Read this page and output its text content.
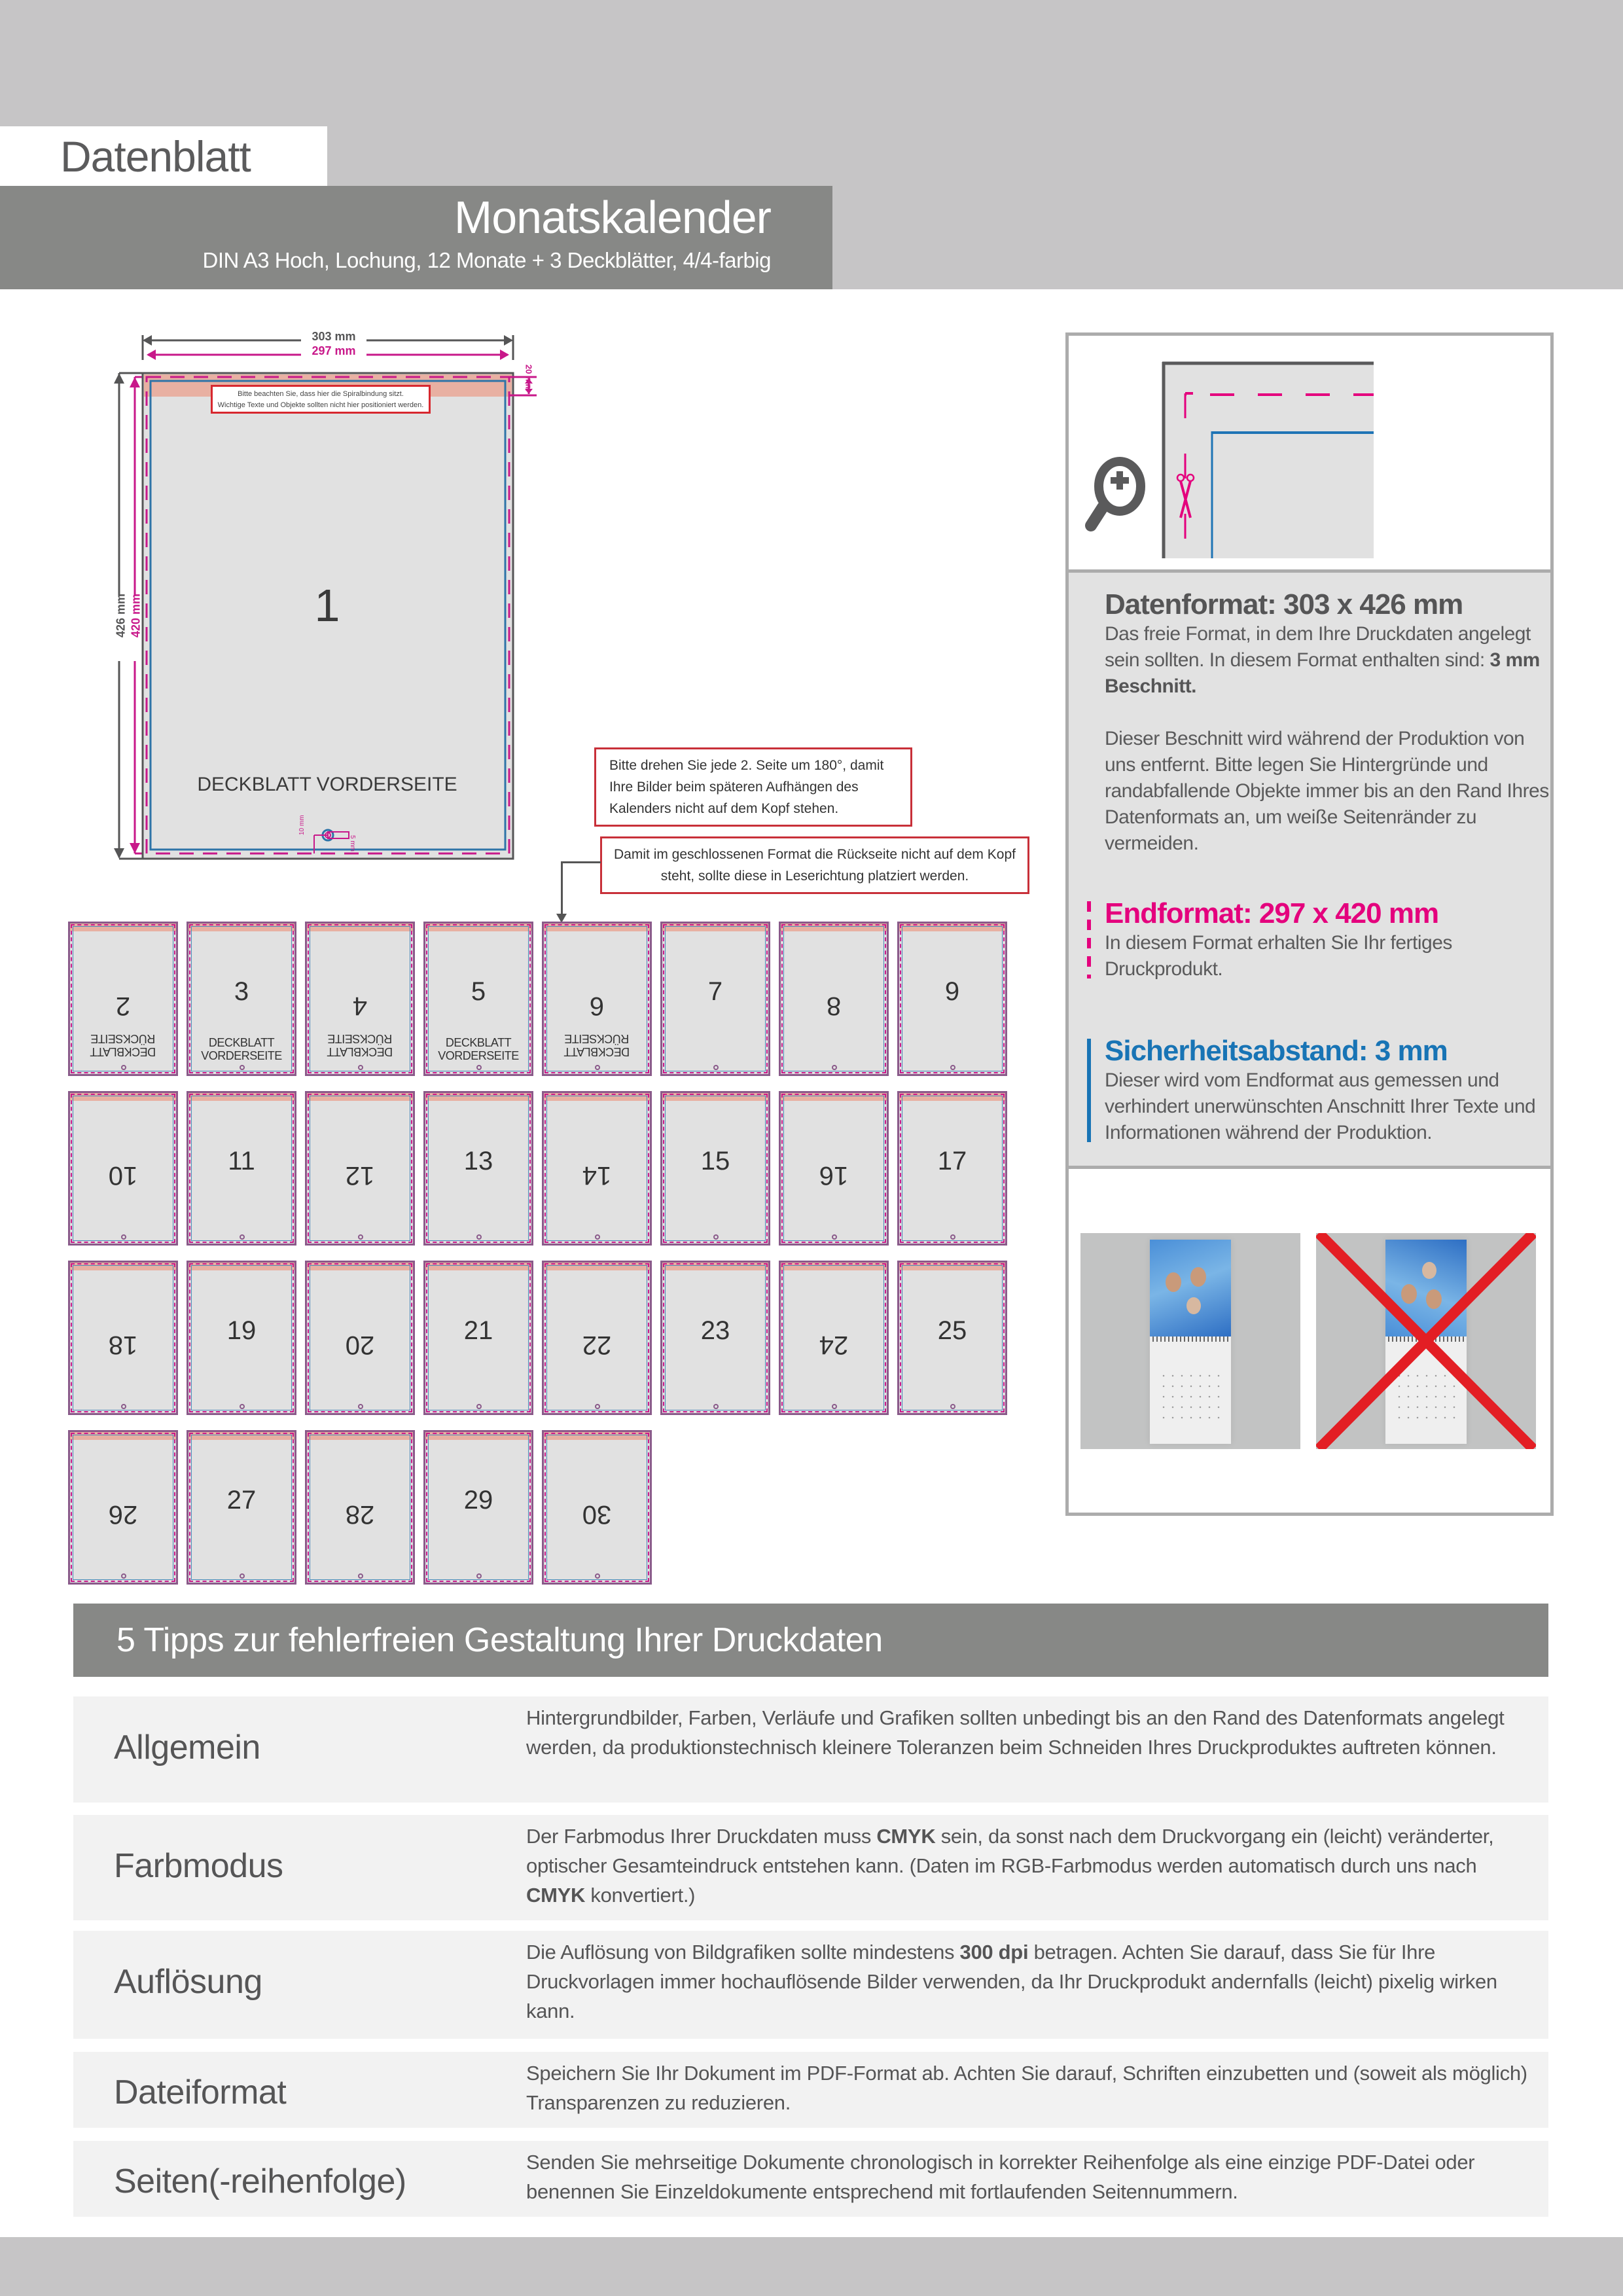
Datenblatt
Monatskalender
DIN A3 Hoch, Lochung, 12 Monate + 3 Deckblätter, 4/4-farbig
10 mm
5 mm
303 mm
297 mm
426 mm 420 mm
20 mm
Bitte beachten Sie, dass hier die Spiralbindung sitzt.
Wichtige Texte und Objekte sollten nicht hier positioniert werden.
1
DECKBLATT VORDERSEITE
Bitte drehen Sie jede 2. Seite um 180°, damit Ihre Bilder beim späteren Aufhängen des Kalenders nicht auf dem Kopf stehen.
Damit im geschlossenen Format die Rückseite nicht auf dem Kopf steht, sollte diese in Leserichtung platziert werden.
2
DECKBLATT RÜCKSEITE
3
DECKBLATT VORDERSEITE
4
DECKBLATT RÜCKSEITE
5
DECKBLATT VORDERSEITE
6
DECKBLATT RÜCKSEITE
7	8	9
10	11	12	13	14	15	16	17
18	19	20	21	22	23	24	25
26	27	28	29	30
Datenformat: 303 x 426 mm
Das freie Format, in dem Ihre Druckdaten angelegt sein sollten. In diesem Format enthalten sind: 3 mm Beschnitt.
Dieser Beschnitt wird während der Produktion von uns entfernt. Bitte legen Sie Hintergründe und randabfallende Objekte immer bis an den Rand Ihres Datenformats an, um weiße Seitenränder zu vermeiden.
Endformat: 297 x 420 mm
In diesem Format erhalten Sie Ihr fertiges Druckprodukt.
Sicherheitsabstand: 3 mm
Dieser wird vom Endformat aus gemessen und verhindert unerwünschten Anschnitt Ihrer Texte und Informationen während der Produktion.
5 Tipps zur fehlerfreien Gestaltung Ihrer Druckdaten
Allgemein
Hintergrundbilder, Farben, Verläufe und Grafiken sollten unbedingt bis an den Rand des Datenformats angelegt werden, da produktionstechnisch kleinere Toleranzen beim Schneiden Ihres Druckproduktes auftreten können.
Farbmodus
Der Farbmodus Ihrer Druckdaten muss CMYK sein, da sonst nach dem Druckvorgang ein (leicht) veränderter, optischer Gesamteindruck entstehen kann. (Daten im RGB-Farbmodus werden automatisch durch uns nach CMYK konvertiert.)
Auflösung
Die Auflösung von Bildgrafiken sollte mindestens 300 dpi betragen. Achten Sie darauf, dass Sie für Ihre Druckvorlagen immer hochauflösende Bilder verwenden, da Ihr Druckprodukt andernfalls (leicht) pixelig wirken kann.
Dateiformat
Speichern Sie Ihr Dokument im PDF-Format ab. Achten Sie darauf, Schriften einzubetten und (soweit als möglich) Transparenzen zu reduzieren.
Seiten(-reihenfolge)
Senden Sie mehrseitige Dokumente chronologisch in korrekter Reihenfolge als eine einzige PDF-Datei oder benennen Sie Einzeldokumente entsprechend mit fortlaufenden Seitennummern.
